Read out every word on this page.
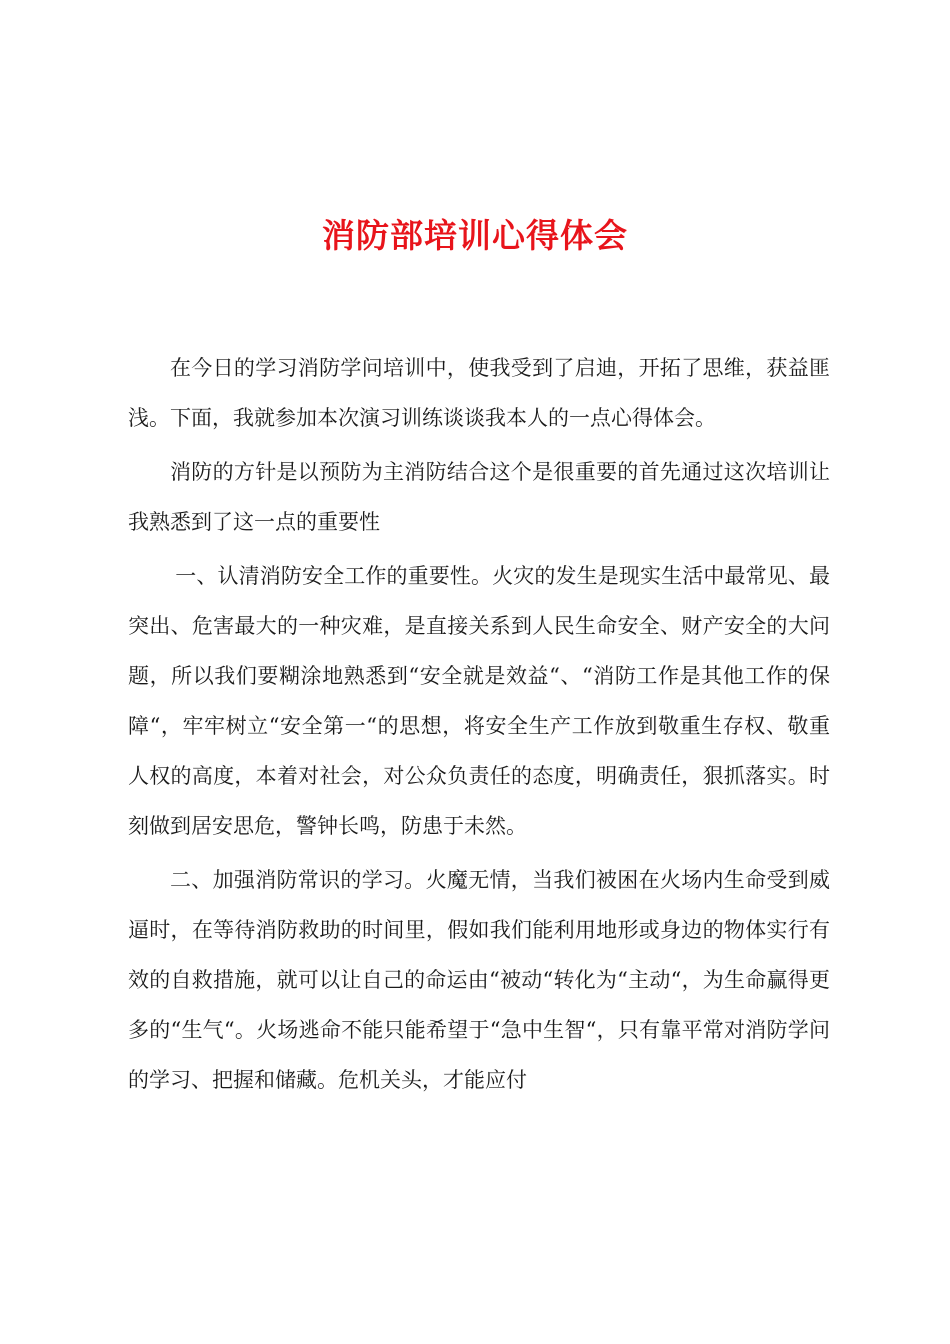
消防部培训心得体会

在今日的学习消防学问培训中，使我受到了启迪，开拓了思维，获益匪浅。下面，我就参加本次演习训练谈谈我本人的一点心得体会。

消防的方针是以预防为主消防结合这个是很重要的首先通过这次培训让我熟悉到了这一点的重要性

一、认清消防安全工作的重要性。火灾的发生是现实生活中最常见、最突出、危害最大的一种灾难，是直接关系到人民生命安全、财产安全的大问题，所以我们要糊涂地熟悉到“安全就是效益“、“消防工作是其他工作的保障“，牢牢树立“安全第一“的思想，将安全生产工作放到敬重生存权、敬重人权的高度，本着对社会，对公众负责任的态度，明确责任，狠抓落实。时刻做到居安思危，警钟长鸣，防患于未然。

二、加强消防常识的学习。火魔无情，当我们被困在火场内生命受到威逼时，在等待消防救助的时间里，假如我们能利用地形或身边的物体实行有效的自救措施，就可以让自己的命运由“被动“转化为“主动“，为生命赢得更多的“生气“。火场逃命不能只能希望于“急中生智“，只有靠平常对消防学问的学习、把握和储藏。危机关头，才能应付
